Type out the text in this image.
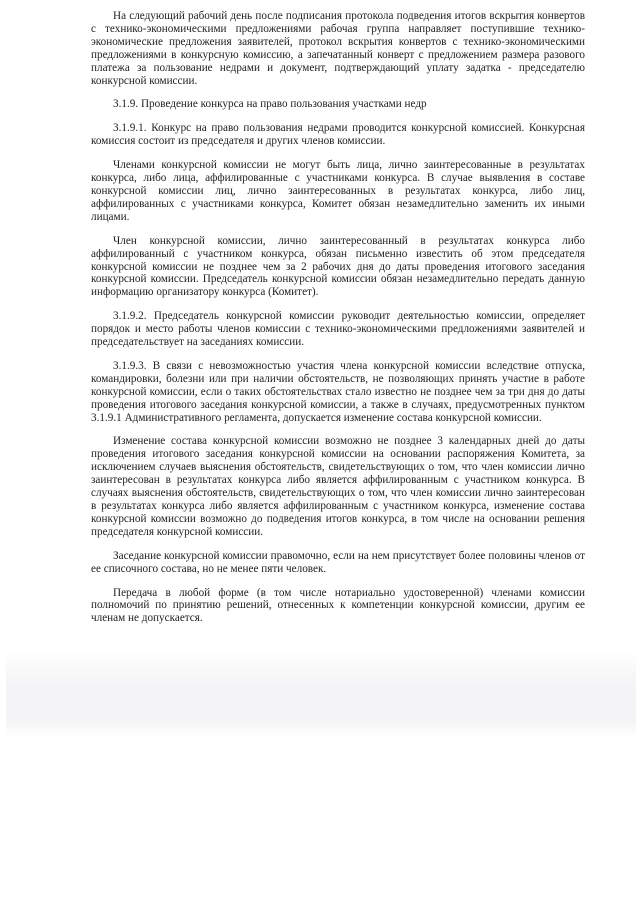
На следующий рабочий день после подписания протокола подведения итогов вскрытия конвертов с технико-экономическими предложениями рабочая группа направляет поступившие технико-экономические предложения заявителей, протокол вскрытия конвертов с технико-экономическими предложениями в конкурсную комиссию, а запечатанный конверт с предложением размера разового платежа за пользование недрами и документ, подтверждающий уплату задатка - председателю конкурсной комиссии.

3.1.9. Проведение конкурса на право пользования участками недр

3.1.9.1. Конкурс на право пользования недрами проводится конкурсной комиссией. Конкурсная комиссия состоит из председателя и других членов комиссии.

Членами конкурсной комиссии не могут быть лица, лично заинтересованные в результатах конкурса, либо лица, аффилированные с участниками конкурса. В случае выявления в составе конкурсной комиссии лиц, лично заинтересованных в результатах конкурса, либо лиц, аффилированных с участниками конкурса, Комитет обязан незамедлительно заменить их иными лицами.

Член конкурсной комиссии, лично заинтересованный в результатах конкурса либо аффилированный с участником конкурса, обязан письменно известить об этом председателя конкурсной комиссии не позднее чем за 2 рабочих дня до даты проведения итогового заседания конкурсной комиссии. Председатель конкурсной комиссии обязан незамедлительно передать данную информацию организатору конкурса (Комитет).

3.1.9.2. Председатель конкурсной комиссии руководит деятельностью комиссии, определяет порядок и место работы членов комиссии с технико-экономическими предложениями заявителей и председательствует на заседаниях комиссии.

3.1.9.3. В связи с невозможностью участия члена конкурсной комиссии вследствие отпуска, командировки, болезни или при наличии обстоятельств, не позволяющих принять участие в работе конкурсной комиссии, если о таких обстоятельствах стало известно не позднее чем за три дня до даты проведения итогового заседания конкурсной комиссии, а также в случаях, предусмотренных пунктом 3.1.9.1 Административного регламента, допускается изменение состава конкурсной комиссии.

Изменение состава конкурсной комиссии возможно не позднее 3 календарных дней до даты проведения итогового заседания конкурсной комиссии на основании распоряжения Комитета, за исключением случаев выяснения обстоятельств, свидетельствующих о том, что член комиссии лично заинтересован в результатах конкурса либо является аффилированным с участником конкурса. В случаях выяснения обстоятельств, свидетельствующих о том, что член комиссии лично заинтересован в результатах конкурса либо является аффилированным с участником конкурса, изменение состава конкурсной комиссии возможно до подведения итогов конкурса, в том числе на основании решения председателя конкурсной комиссии.

Заседание конкурсной комиссии правомочно, если на нем присутствует более половины членов от ее списочного состава, но не менее пяти человек.

Передача в любой форме (в том числе нотариально удостоверенной) членами комиссии полномочий по принятию решений, отнесенных к компетенции конкурсной комиссии, другим ее членам не допускается.
